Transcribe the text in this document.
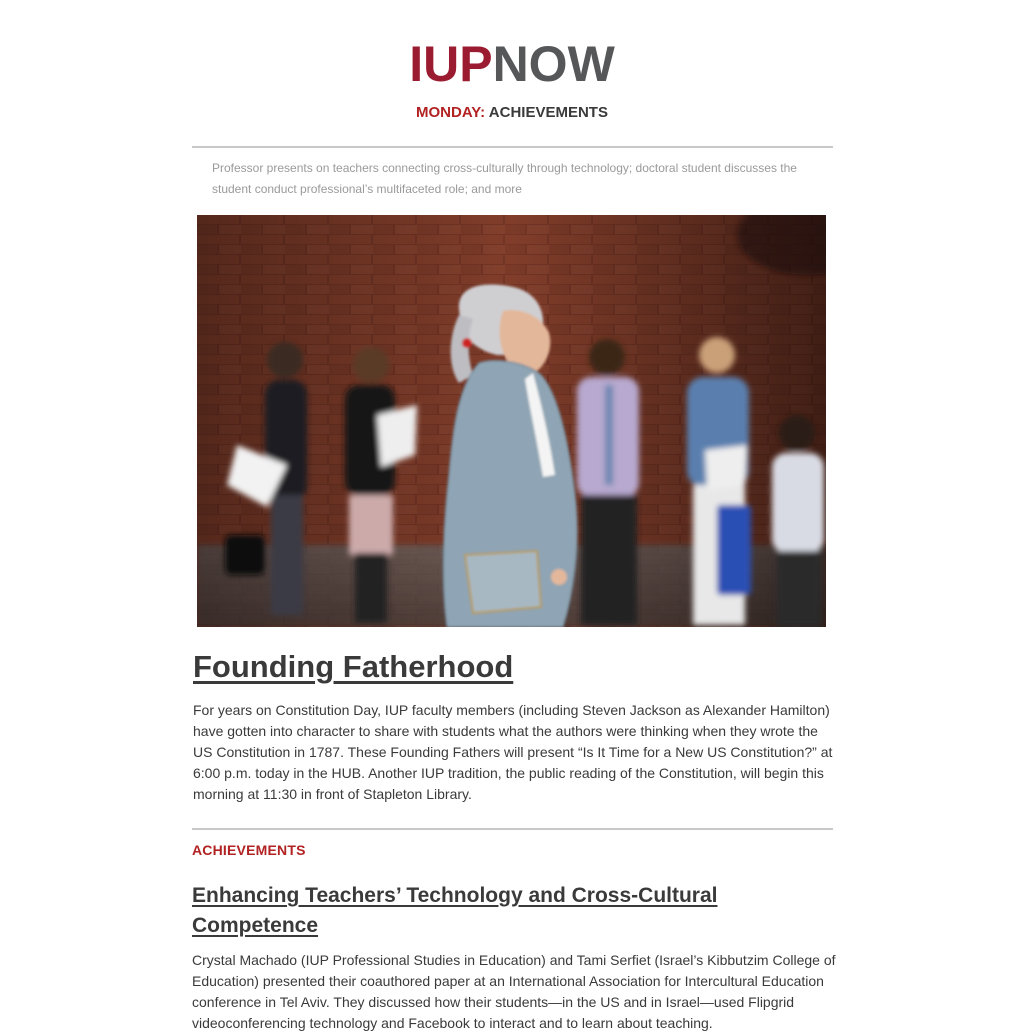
IUPNOW
MONDAY: ACHIEVEMENTS
Professor presents on teachers connecting cross-culturally through technology; doctoral student discusses the student conduct professional’s multifaceted role; and more
Founding Fatherhood

For years on Constitution Day, IUP faculty members (including Steven Jackson as Alexander Hamilton) have gotten into character to share with students what the authors were thinking when they wrote the US Constitution in 1787. These Founding Fathers will present “Is It Time for a New US Constitution?” at 6:00 p.m. today in the HUB. Another IUP tradition, the public reading of the Constitution, will begin this morning at 11:30 in front of Stapleton Library.

ACHIEVEMENTS
Enhancing Teachers’ Technology and Cross-Cultural Competence

Crystal Machado (IUP Professional Studies in Education) and Tami Serfiet (Israel’s Kibbutzim College of Education) presented their coauthored paper at an International Association for Intercultural Education conference in Tel Aviv. They discussed how their students—in the US and in Israel—used Flipgrid videoconferencing technology and Facebook to interact and to learn about teaching.
